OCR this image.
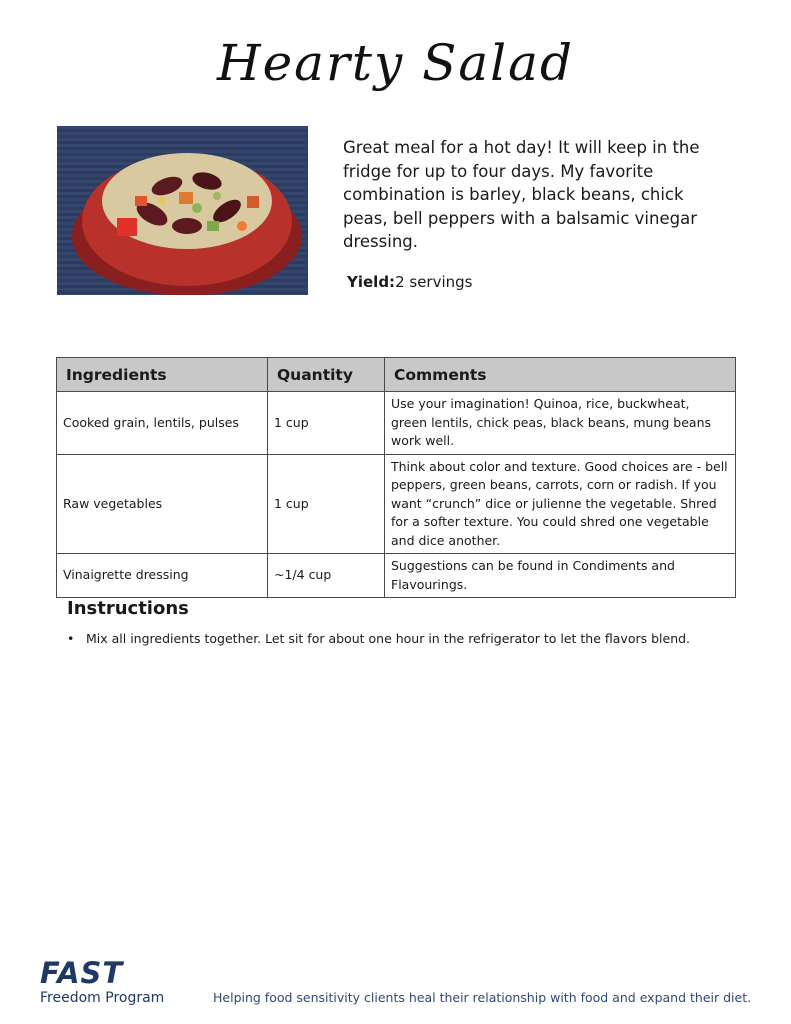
Hearty Salad
Great meal for a hot day! It will keep in the fridge for up to four days. My favorite combination is barley, black beans, chick peas, bell peppers with a balsamic vinegar dressing.
Yield:2 servings
Ingredients	Quantity	Comments
Cooked grain, lentils, pulses	1 cup	Use your imagination! Quinoa, rice, buckwheat, green lentils, chick peas, black beans, mung beans work well.
Raw vegetables	1 cup	Think about color and texture. Good choices are - bell peppers, green beans, carrots, corn or radish. If you want “crunch” dice or julienne the vegetable. Shred for a softer texture. You could shred one vegetable and dice another.
Vinaigrette dressing	~1/4 cup	Suggestions can be found in Condiments and Flavourings.
Instructions
• Mix all ingredients together. Let sit for about one hour in the refrigerator to let the flavors blend.
FAST
Freedom Program	Helping food sensitivity clients heal their relationship with food and expand their diet.
